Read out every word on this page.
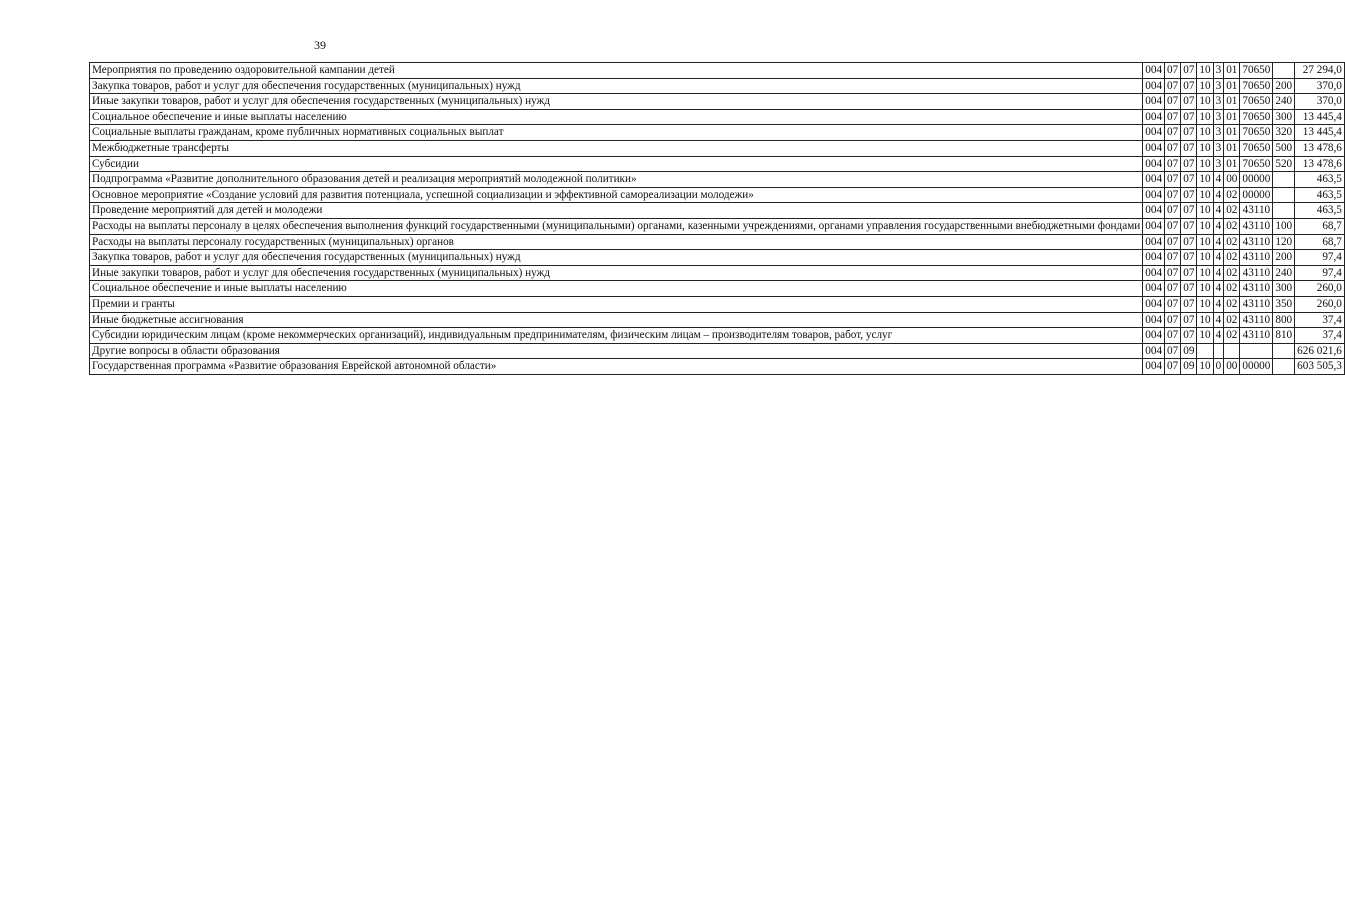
39
Мероприятия по проведению оздоровительной кампании детей	004	07	07	10	3	01	70650		27 294,0
Закупка товаров, работ и услуг для обеспечения государственных (муниципальных) нужд	004	07	07	10	3	01	70650	200	370,0
Иные закупки товаров, работ и услуг для обеспечения государственных (муниципальных) нужд	004	07	07	10	3	01	70650	240	370,0
Социальное обеспечение и иные выплаты населению	004	07	07	10	3	01	70650	300	13 445,4
Социальные выплаты гражданам, кроме публичных нормативных социальных выплат	004	07	07	10	3	01	70650	320	13 445,4
Межбюджетные трансферты	004	07	07	10	3	01	70650	500	13 478,6
Субсидии	004	07	07	10	3	01	70650	520	13 478,6
Подпрограмма «Развитие дополнительного образования детей и реализация мероприятий молодежной политики»	004	07	07	10	4	00	00000		463,5
Основное мероприятие «Создание условий для развития потенциала, успешной социализации и эффективной самореализации молодежи»	004	07	07	10	4	02	00000		463,5
Проведение мероприятий для детей и молодежи	004	07	07	10	4	02	43110		463,5
Расходы на выплаты персоналу в целях обеспечения выполнения функций государственными (муниципальными) органами, казенными учреждениями, органами управления государственными внебюджетными фондами	004	07	07	10	4	02	43110	100	68,7
Расходы на выплаты персоналу государственных (муниципальных) органов	004	07	07	10	4	02	43110	120	68,7
Закупка товаров, работ и услуг для обеспечения государственных (муниципальных) нужд	004	07	07	10	4	02	43110	200	97,4
Иные закупки товаров, работ и услуг для обеспечения государственных (муниципальных) нужд	004	07	07	10	4	02	43110	240	97,4
Социальное обеспечение и иные выплаты населению	004	07	07	10	4	02	43110	300	260,0
Премии и гранты	004	07	07	10	4	02	43110	350	260,0
Иные бюджетные ассигнования	004	07	07	10	4	02	43110	800	37,4
Субсидии юридическим лицам (кроме некоммерческих организаций), индивидуальным предпринимателям, физическим лицам – производителям товаров, работ, услуг	004	07	07	10	4	02	43110	810	37,4
Другие вопросы в области образования	004	07	09						626 021,6
Государственная программа «Развитие образования Еврейской автономной области»	004	07	09	10	0	00	00000		603 505,3
